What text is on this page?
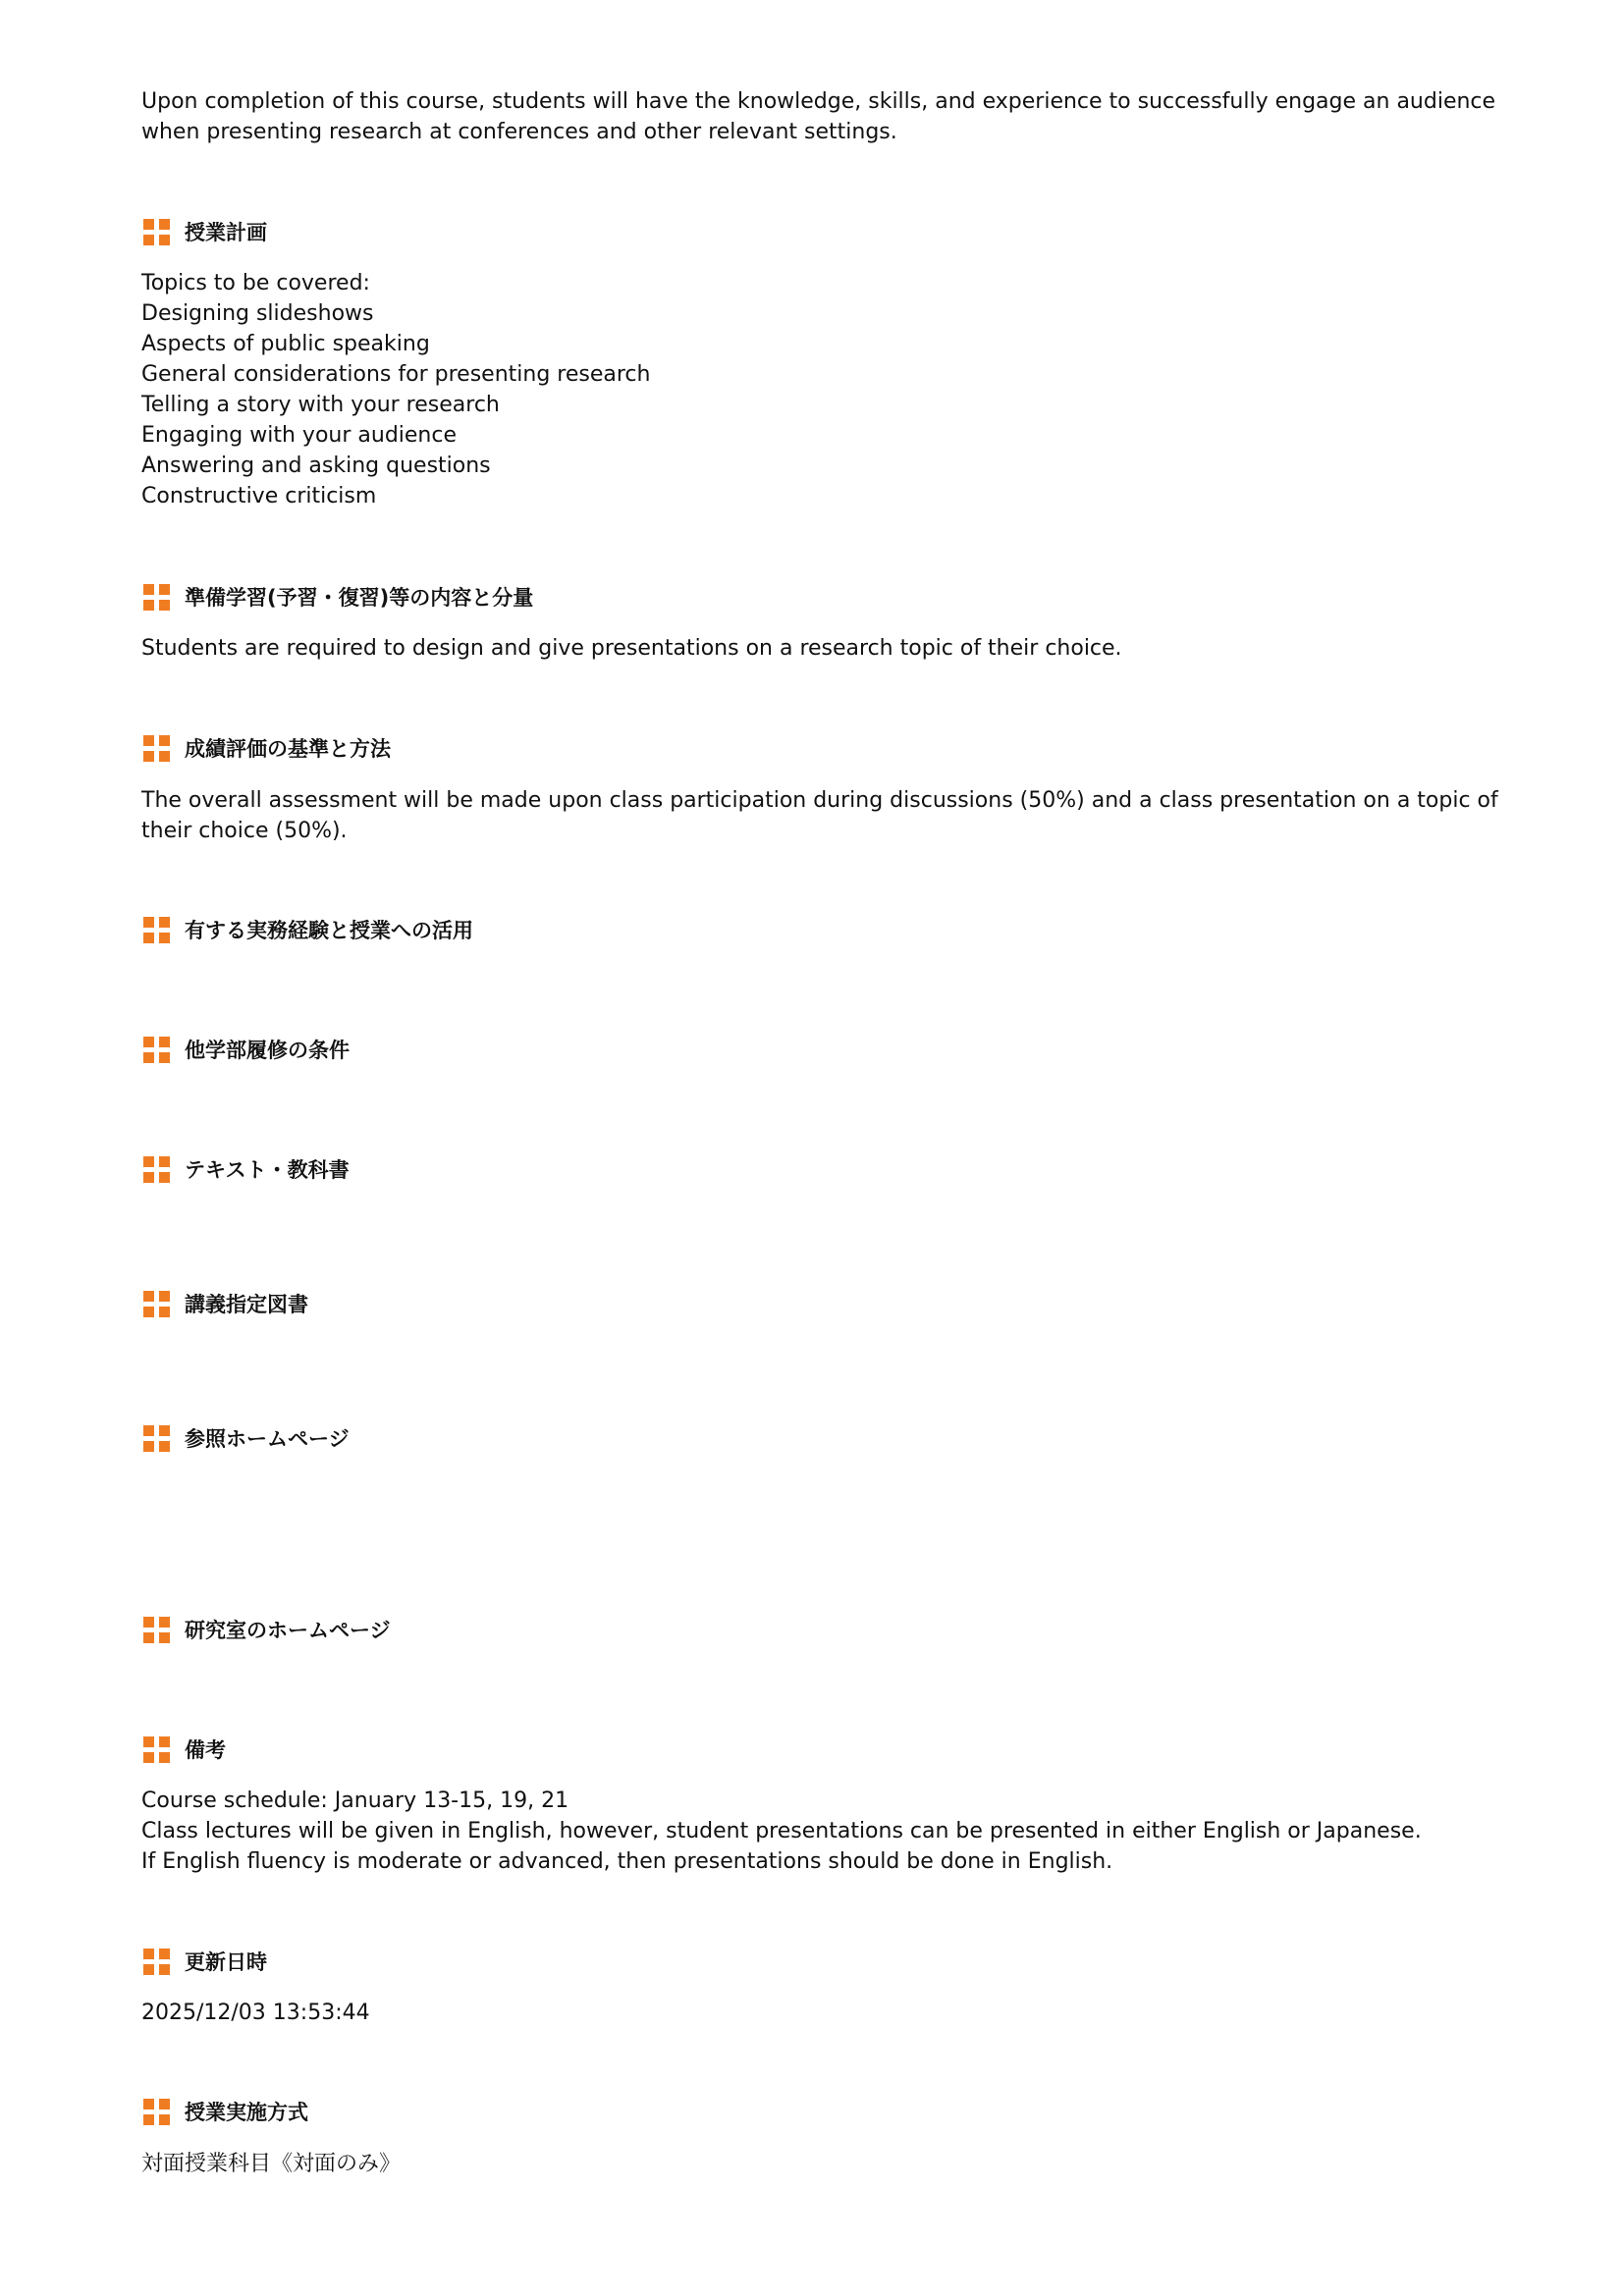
Upon completion of this course, students will have the knowledge, skills, and experience to successfully engage an audience
when presenting research at conferences and other relevant settings.
授業計画
Topics to be covered:
Designing slideshows
Aspects of public speaking
General considerations for presenting research
Telling a story with your research
Engaging with your audience
Answering and asking questions
Constructive criticism
準備学習(予習・復習)等の内容と分量
Students are required to design and give presentations on a research topic of their choice.
成績評価の基準と方法
The overall assessment will be made upon class participation during discussions (50%) and a class presentation on a topic of
their choice (50%).
有する実務経験と授業への活用
他学部履修の条件
テキスト・教科書
講義指定図書
参照ホームページ
研究室のホームページ
備考
Course schedule: January 13-15, 19, 21
Class lectures will be given in English, however, student presentations can be presented in either English or Japanese.
If English fluency is moderate or advanced, then presentations should be done in English.
更新日時
2025/12/03 13:53:44
授業実施方式
対面授業科目《対面のみ》
